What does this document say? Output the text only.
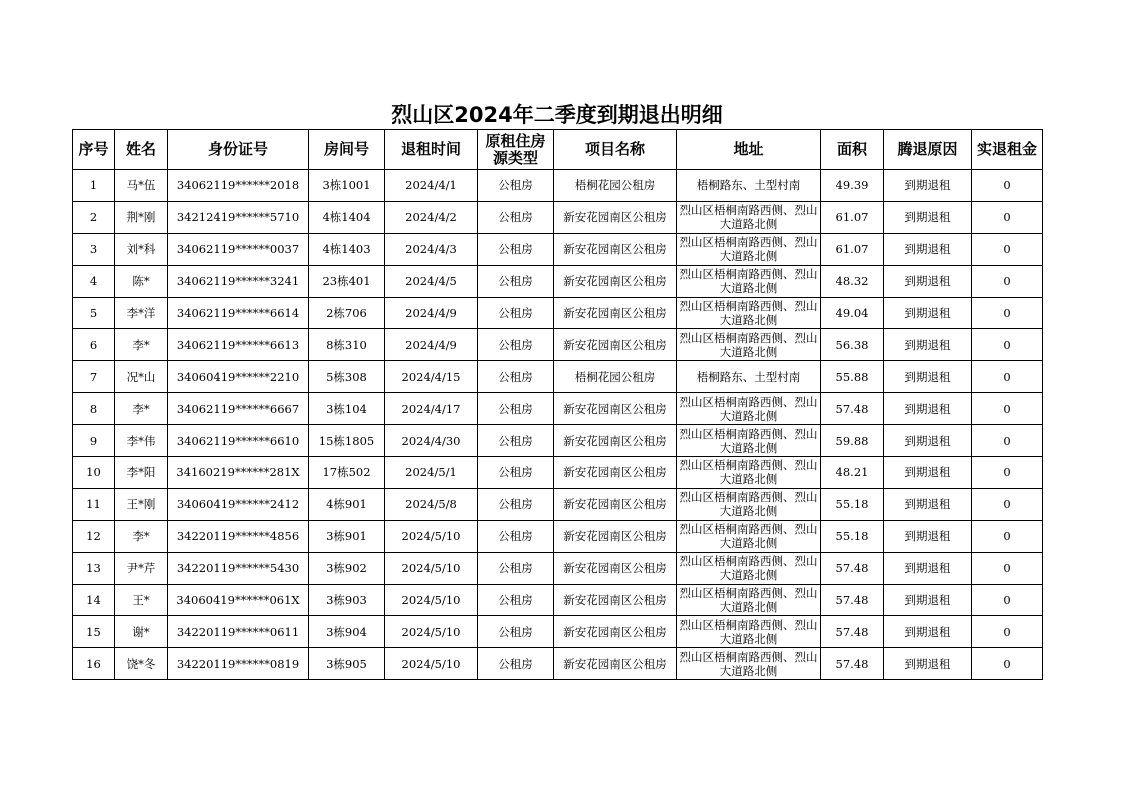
烈山区2024年二季度到期退出明细
序号	姓名	身份证号	房间号	退租时间	原租住房源类型	项目名称	地址	面积	腾退原因	实退租金
1	马*伍	34062119******2018	3栋1001	2024/4/1	公租房	梧桐花园公租房	梧桐路东、土型村南	49.39	到期退租	0
2	荆*刚	34212419******5710	4栋1404	2024/4/2	公租房	新安花园南区公租房	烈山区梧桐南路西侧、烈山大道路北侧	61.07	到期退租	0
3	刘*科	34062119******0037	4栋1403	2024/4/3	公租房	新安花园南区公租房	烈山区梧桐南路西侧、烈山大道路北侧	61.07	到期退租	0
4	陈*	34062119******3241	23栋401	2024/4/5	公租房	新安花园南区公租房	烈山区梧桐南路西侧、烈山大道路北侧	48.32	到期退租	0
5	李*洋	34062119******6614	2栋706	2024/4/9	公租房	新安花园南区公租房	烈山区梧桐南路西侧、烈山大道路北侧	49.04	到期退租	0
6	李*	34062119******6613	8栋310	2024/4/9	公租房	新安花园南区公租房	烈山区梧桐南路西侧、烈山大道路北侧	56.38	到期退租	0
7	况*山	34060419******2210	5栋308	2024/4/15	公租房	梧桐花园公租房	梧桐路东、土型村南	55.88	到期退租	0
8	李*	34062119******6667	3栋104	2024/4/17	公租房	新安花园南区公租房	烈山区梧桐南路西侧、烈山大道路北侧	57.48	到期退租	0
9	李*伟	34062119******6610	15栋1805	2024/4/30	公租房	新安花园南区公租房	烈山区梧桐南路西侧、烈山大道路北侧	59.88	到期退租	0
10	李*阳	34160219******281X	17栋502	2024/5/1	公租房	新安花园南区公租房	烈山区梧桐南路西侧、烈山大道路北侧	48.21	到期退租	0
11	王*刚	34060419******2412	4栋901	2024/5/8	公租房	新安花园南区公租房	烈山区梧桐南路西侧、烈山大道路北侧	55.18	到期退租	0
12	李*	34220119******4856	3栋901	2024/5/10	公租房	新安花园南区公租房	烈山区梧桐南路西侧、烈山大道路北侧	55.18	到期退租	0
13	尹*芹	34220119******5430	3栋902	2024/5/10	公租房	新安花园南区公租房	烈山区梧桐南路西侧、烈山大道路北侧	57.48	到期退租	0
14	王*	34060419******061X	3栋903	2024/5/10	公租房	新安花园南区公租房	烈山区梧桐南路西侧、烈山大道路北侧	57.48	到期退租	0
15	谢*	34220119******0611	3栋904	2024/5/10	公租房	新安花园南区公租房	烈山区梧桐南路西侧、烈山大道路北侧	57.48	到期退租	0
16	饶*冬	34220119******0819	3栋905	2024/5/10	公租房	新安花园南区公租房	烈山区梧桐南路西侧、烈山大道路北侧	57.48	到期退租	0
